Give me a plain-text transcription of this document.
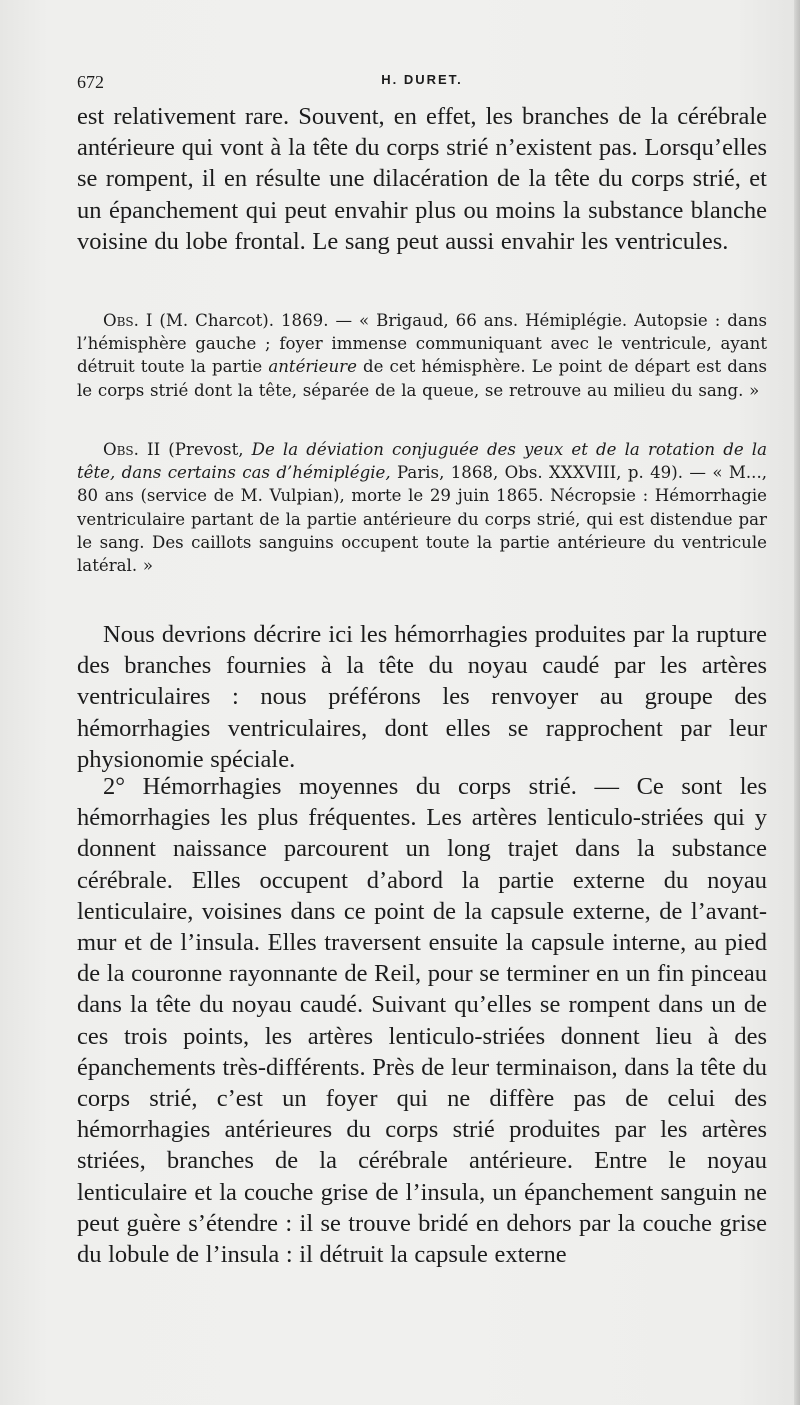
672	H. DURET.

est relativement rare. Souvent, en effet, les branches de la cérébrale antérieure qui vont à la tête du corps strié n’existent pas. Lorsqu’elles se rompent, il en résulte une dilacération de la tête du corps strié, et un épanchement qui peut envahir plus ou moins la substance blanche voisine du lobe frontal. Le sang peut aussi envahir les ventricules.

Obs. I (M. Charcot). 1869. — « Brigaud, 66 ans. Hémiplégie. Autopsie : dans l’hémisphère gauche ; foyer immense communiquant avec le ventricule, ayant détruit toute la partie antérieure de cet hémisphère. Le point de départ est dans le corps strié dont la tête, séparée de la queue, se retrouve au milieu du sang. »

Obs. II (Prevost, De la déviation conjuguée des yeux et de la rotation de la tête, dans certains cas d’hémiplégie, Paris, 1868, Obs. XXXVIII, p. 49). — « M..., 80 ans (service de M. Vulpian), morte le 29 juin 1865. Nécropsie : Hémorrhagie ventriculaire partant de la partie antérieure du corps strié, qui est distendue par le sang. Des caillots sanguins occupent toute la partie antérieure du ventricule latéral. »

Nous devrions décrire ici les hémorrhagies produites par la rupture des branches fournies à la tête du noyau caudé par les artères ventriculaires : nous préférons les renvoyer au groupe des hémorrhagies ventriculaires, dont elles se rapprochent par leur physionomie spéciale.

2° Hémorrhagies moyennes du corps strié. — Ce sont les hémorrhagies les plus fréquentes. Les artères lenticulo-striées qui y donnent naissance parcourent un long trajet dans la substance cérébrale. Elles occupent d’abord la partie externe du noyau lenticulaire, voisines dans ce point de la capsule externe, de l’avant-mur et de l’insula. Elles traversent ensuite la capsule interne, au pied de la couronne rayonnante de Reil, pour se terminer en un fin pinceau dans la tête du noyau caudé. Suivant qu’elles se rompent dans un de ces trois points, les artères lenticulo-striées donnent lieu à des épanchements très-différents. Près de leur terminaison, dans la tête du corps strié, c’est un foyer qui ne diffère pas de celui des hémorrhagies antérieures du corps strié produites par les artères striées, branches de la cérébrale antérieure. Entre le noyau lenticulaire et la couche grise de l’insula, un épanchement sanguin ne peut guère s’étendre : il se trouve bridé en dehors par la couche grise du lobule de l’insula : il détruit la capsule externe
